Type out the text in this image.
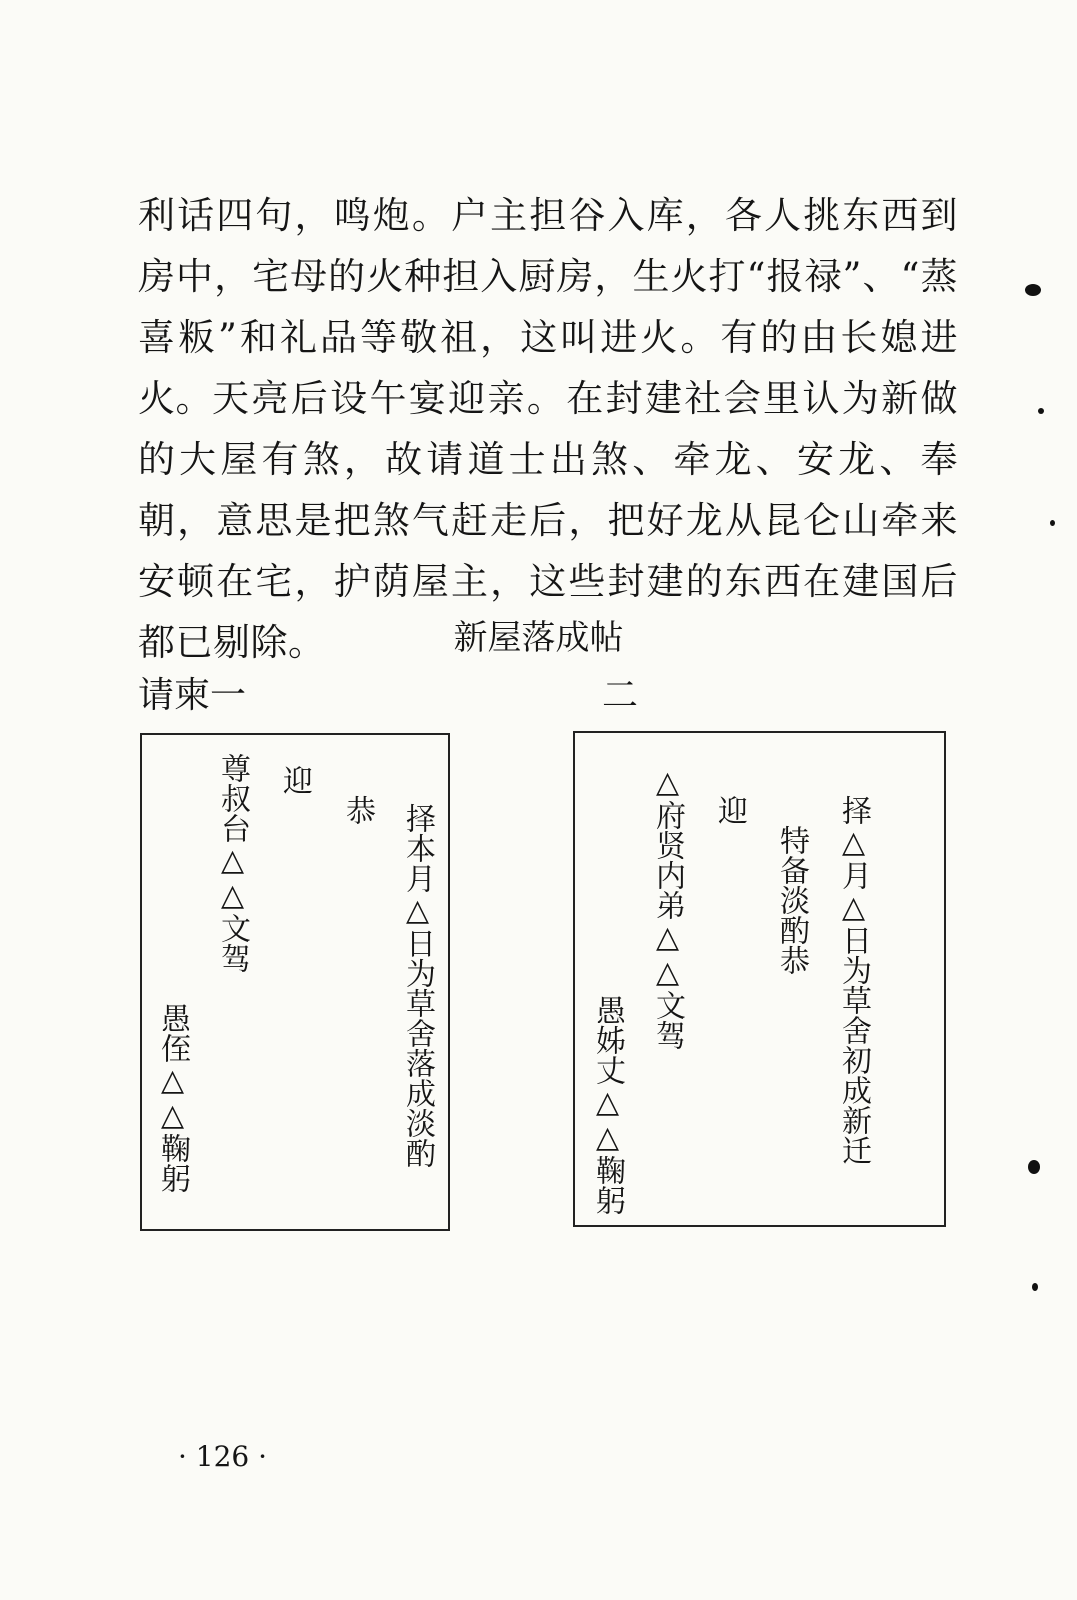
利话四句，鸣炮。户主担谷入库，各人挑东西到房中，宅母的火种担入厨房，生火打“报禄”、“蒸喜粄”和礼品等敬祖，这叫进火。有的由长媳进火。 天亮后设午宴迎亲。在封建社会里认为新做的大屋有煞，故请道士出煞、牵龙、安龙、奉朝，意思是把煞气赶走后，把好龙从昆仑山牵来安顿在宅，护荫屋主，这些封建的东西在建国后都已剔除。	新屋落成帖
请柬一
择本月△日为草舍落成淡酌
恭
迎
尊叔台△△文驾
愚侄△△鞠躬
二
择△月△日为草舍初成新迁
特备淡酌恭
迎
△府贤内弟△△文驾
愚姊丈△△鞠躬
· 126 ·
